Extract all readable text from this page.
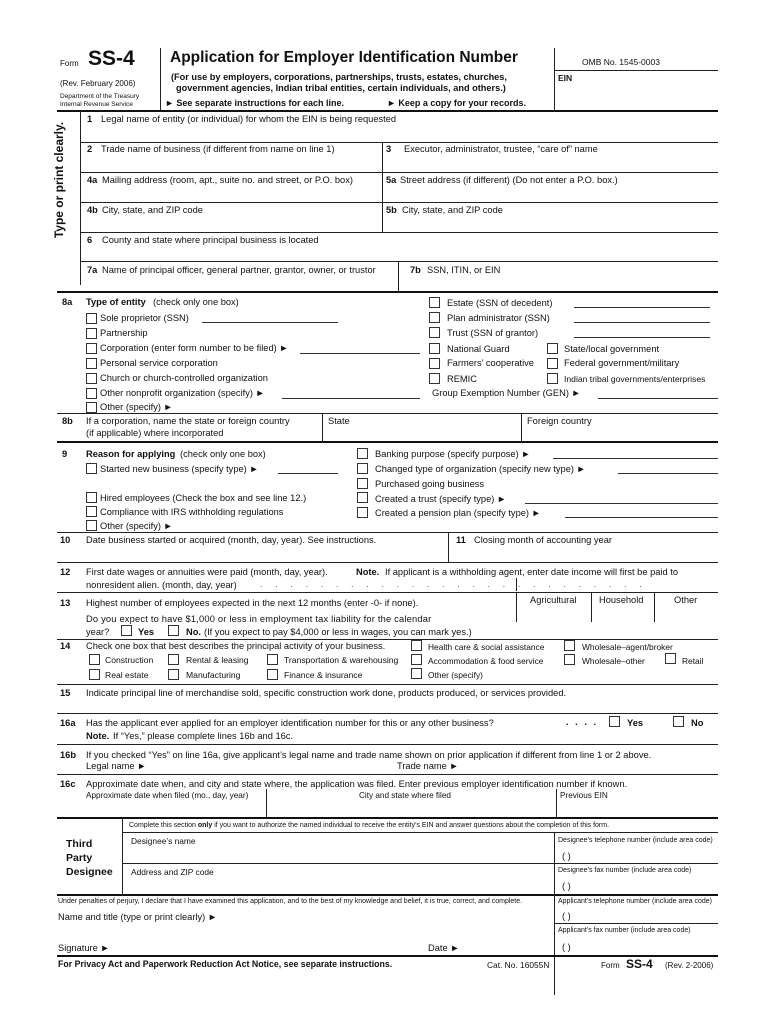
Form SS-4
(Rev. February 2006)
Department of the Treasury
Internal Revenue Service
Application for Employer Identification Number
(For use by employers, corporations, partnerships, trusts, estates, churches,
government agencies, Indian tribal entities, certain individuals, and others.)
► See separate instructions for each line.	► Keep a copy for your records.
OMB No. 1545-0003
EIN
Type or print clearly.
1 Legal name of entity (or individual) for whom the EIN is being requested
2 Trade name of business (if different from name on line 1)	3 Executor, administrator, trustee, “care of” name
4a Mailing address (room, apt., suite no. and street, or P.O. box)	5a Street address (if different) (Do not enter a P.O. box.)
4b City, state, and ZIP code	5b City, state, and ZIP code
6 County and state where principal business is located
7a Name of principal officer, general partner, grantor, owner, or trustor	7b SSN, ITIN, or EIN
8a Type of entity (check only one box)
Sole proprietor (SSN)
Partnership
Corporation (enter form number to be filed) ►
Personal service corporation
Church or church-controlled organization
Other nonprofit organization (specify) ►
Other (specify) ►
Estate (SSN of decedent)
Plan administrator (SSN)
Trust (SSN of grantor)
National Guard
Farmers’ cooperative
REMIC
State/local government
Federal government/military
Indian tribal governments/enterprises
Group Exemption Number (GEN) ►
8b If a corporation, name the state or foreign country
(if applicable) where incorporated
State	Foreign country
9 Reason for applying (check only one box)
Started new business (specify type) ►
Hired employees (Check the box and see line 12.)
Compliance with IRS withholding regulations
Other (specify) ►
Banking purpose (specify purpose) ►
Changed type of organization (specify new type) ►
Purchased going business
Created a trust (specify type) ►
Created a pension plan (specify type) ►
10 Date business started or acquired (month, day, year). See instructions.	11 Closing month of accounting year
12 First date wages or annuities were paid (month, day, year).	Note. If applicant is a withholding agent, enter date income will first be paid to
nonresident alien. (month, day, year)	. . . . . . . . . . . . . . . . . . . . . . . . . .
13 Highest number of employees expected in the next 12 months (enter -0- if none).	Agricultural Household	Other
Do you expect to have $1,000 or less in employment tax liability for the calendar
year?	Yes	No. (If you expect to pay $4,000 or less in wages, you can mark yes.)
14 Check one box that best describes the principal activity of your business.
Construction
Real estate
Rental & leasing
Manufacturing
Transportation & warehousing
Finance & insurance
Health care & social assistance
Accommodation & food service
Other (specify)
Wholesale–agent/broker
Wholesale–other	Retail
15 Indicate principal line of merchandise sold, specific construction work done, products produced, or services provided.
16a Has the applicant ever applied for an employer identification number for this or any other business?	. . . .	Yes	No
Note. If “Yes,” please complete lines 16b and 16c.
16b If you checked “Yes” on line 16a, give applicant’s legal name and trade name shown on prior application if different from line 1 or 2 above.
Legal name ►	Trade name ►
16c Approximate date when, and city and state where, the application was filed. Enter previous employer identification number if known.
Approximate date when filed (mo., day, year)	City and state where filed	Previous EIN
Third
Party
Designee
Complete this section only if you want to authorize the named individual to receive the entity’s EIN and answer questions about the completion of this form.
Designee’s name	Designee’s telephone number (include area code)
( )
Address and ZIP code	Designee’s fax number (include area code)
( )
Under penalties of perjury, I declare that I have examined this application, and to the best of my knowledge and belief, it is true, correct, and complete.	Applicant’s telephone number (include area code)
Name and title (type or print clearly) ►	( )
Applicant’s fax number (include area code)
Signature ►	Date ►	( )
For Privacy Act and Paperwork Reduction Act Notice, see separate instructions.	Cat. No. 16055N	Form SS-4 (Rev. 2-2006)
